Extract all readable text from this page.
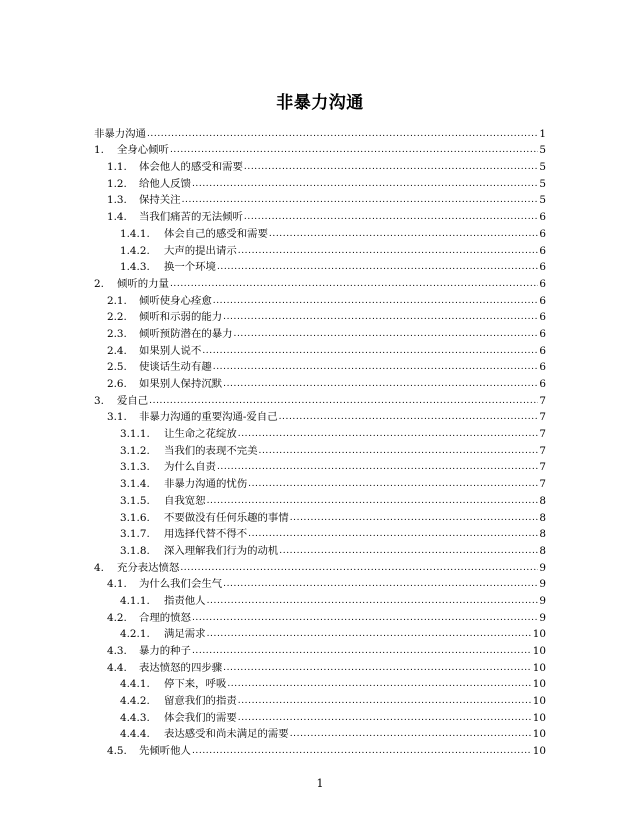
非暴力沟通
非暴力沟通 .....	1
1.	全身心倾听 .....	5
1.1.	体会他人的感受和需要 .....	5
1.2.	给他人反馈 .....	5
1.3.	保持关注 .....	5
1.4.	当我们痛苦的无法倾听 .....	6
1.4.1.	体会自己的感受和需要 .....	6
1.4.2.	大声的提出请示 .....	6
1.4.3.	换一个环境 .....	6
2.	倾听的力量 .....	6
2.1.	倾听使身心痊愈 .....	6
2.2.	倾听和示弱的能力 .....	6
2.3.	倾听预防潜在的暴力 .....	6
2.4.	如果别人说不 .....	6
2.5.	使谈话生动有趣 .....	6
2.6.	如果别人保持沉默 .....	6
3.	爱自己 .....	7
3.1.	非暴力沟通的重要沟通-爱自己 .....	7
3.1.1.	让生命之花绽放 .....	7
3.1.2.	当我们的表现不完美 .....	7
3.1.3.	为什么自责 .....	7
3.1.4.	非暴力沟通的忧伤 .....	7
3.1.5.	自我宽恕 .....	8
3.1.6.	不要做没有任何乐趣的事情 .....	8
3.1.7.	用选择代替不得不 .....	8
3.1.8.	深入理解我们行为的动机 .....	8
4.	充分表达愤怒 .....	9
4.1.	为什么我们会生气 .....	9
4.1.1.	指责他人 .....	9
4.2.	合理的愤怒 .....	9
4.2.1.	满足需求 .....	10
4.3.	暴力的种子 .....	10
4.4.	表达愤怒的四步骤 .....	10
4.4.1.	停下来，呼吸 .....	10
4.4.2.	留意我们的指责 .....	10
4.4.3.	体会我们的需要 .....	10
4.4.4.	表达感受和尚未满足的需要 .....	10
4.5.	先倾听他人 .....	10
1
